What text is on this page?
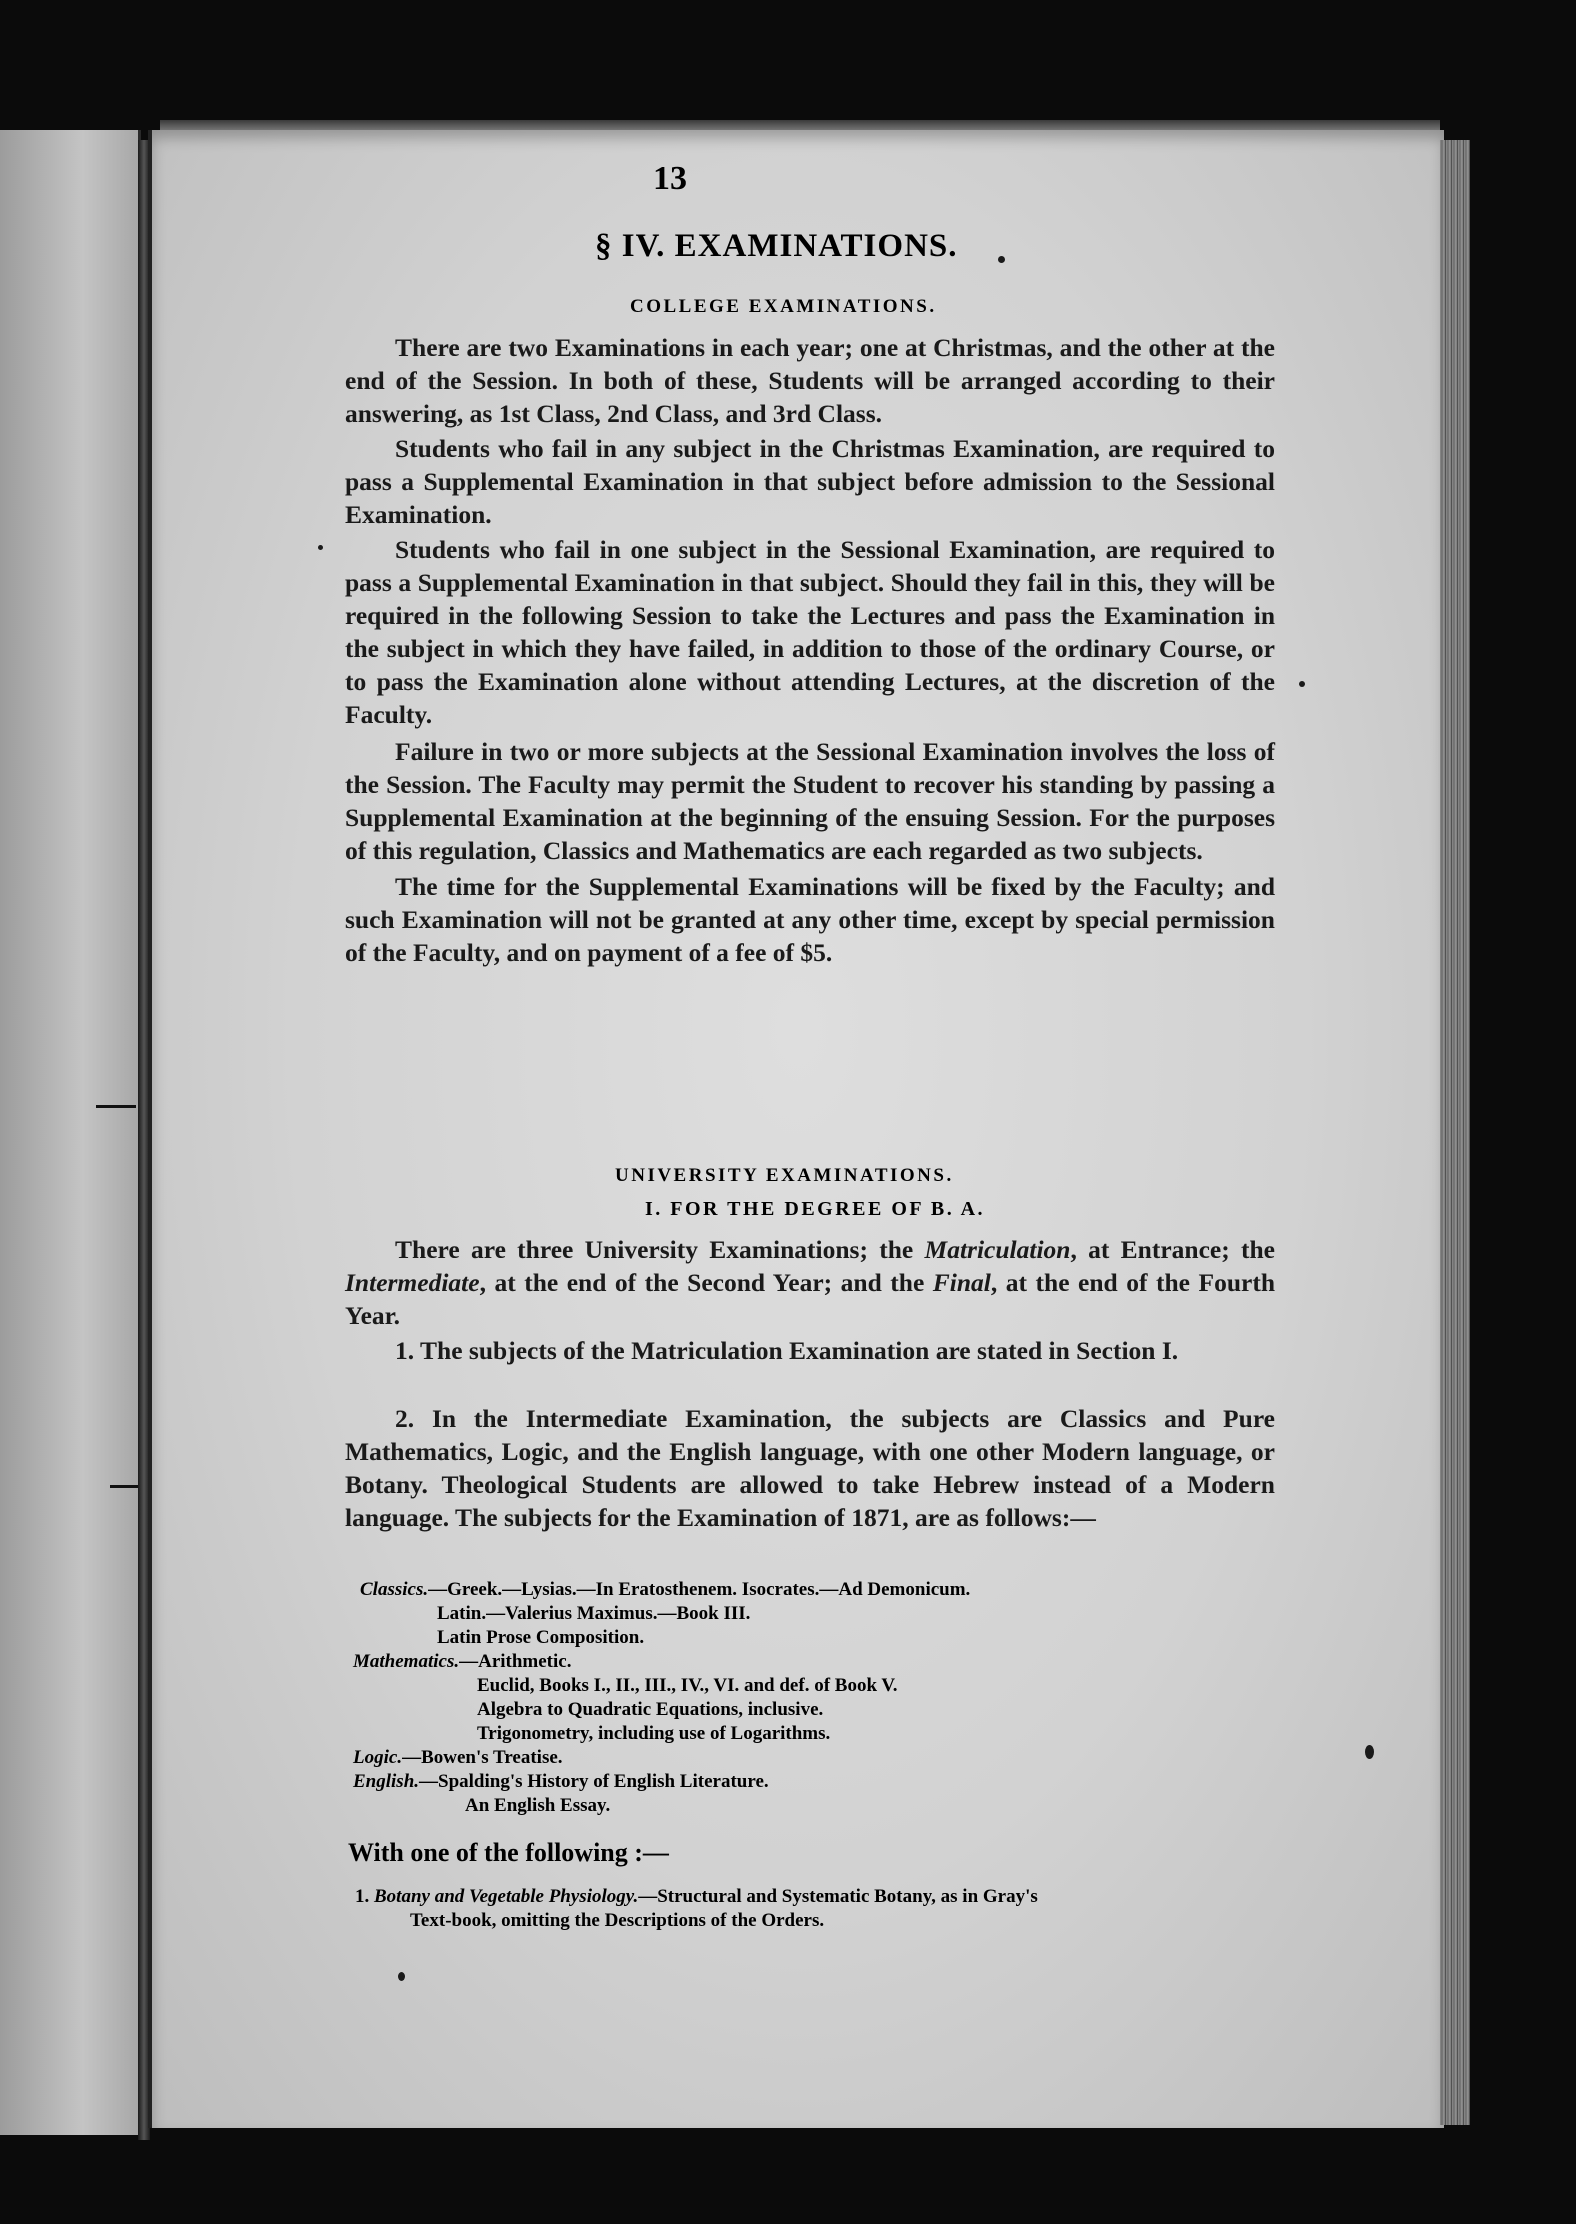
13
§ IV. EXAMINATIONS.
COLLEGE EXAMINATIONS.
There are two Examinations in each year; one at Christmas, and the other at the end of the Session. In both of these, Students will be arranged according to their answering, as 1st Class, 2nd Class, and 3rd Class.
Students who fail in any subject in the Christmas Examination, are required to pass a Supplemental Examination in that subject before admission to the Sessional Examination.
Students who fail in one subject in the Sessional Examination, are required to pass a Supplemental Examination in that subject. Should they fail in this, they will be required in the following Session to take the Lectures and pass the Examination in the subject in which they have failed, in addition to those of the ordinary Course, or to pass the Examination alone without attending Lectures, at the discretion of the Faculty.
Failure in two or more subjects at the Sessional Examination involves the loss of the Session. The Faculty may permit the Student to recover his standing by passing a Supplemental Examination at the beginning of the ensuing Session. For the purposes of this regulation, Classics and Mathematics are each regarded as two subjects.
The time for the Supplemental Examinations will be fixed by the Faculty; and such Examination will not be granted at any other time, except by special permission of the Faculty, and on payment of a fee of $5.
UNIVERSITY EXAMINATIONS.
I. FOR THE DEGREE OF B. A.
There are three University Examinations; the Matriculation, at Entrance; the Intermediate, at the end of the Second Year; and the Final, at the end of the Fourth Year.
1. The subjects of the Matriculation Examination are stated in Section I.
2. In the Intermediate Examination, the subjects are Classics and Pure Mathematics, Logic, and the English language, with one other Modern language, or Botany. Theological Students are allowed to take Hebrew instead of a Modern language. The subjects for the Examination of 1871, are as follows:—
Classics.—Greek.—Lysias.—In Eratosthenem. Isocrates.—Ad Demonicum.
Latin.—Valerius Maximus.—Book III.
Latin Prose Composition.
Mathematics.—Arithmetic.
Euclid, Books I., II., III., IV., VI. and def. of Book V.
Algebra to Quadratic Equations, inclusive.
Trigonometry, including use of Logarithms.
Logic.—Bowen's Treatise.
English.—Spalding's History of English Literature.
An English Essay.
With one of the following :—
1. Botany and Vegetable Physiology.—Structural and Systematic Botany, as in Gray's
Text-book, omitting the Descriptions of the Orders.
